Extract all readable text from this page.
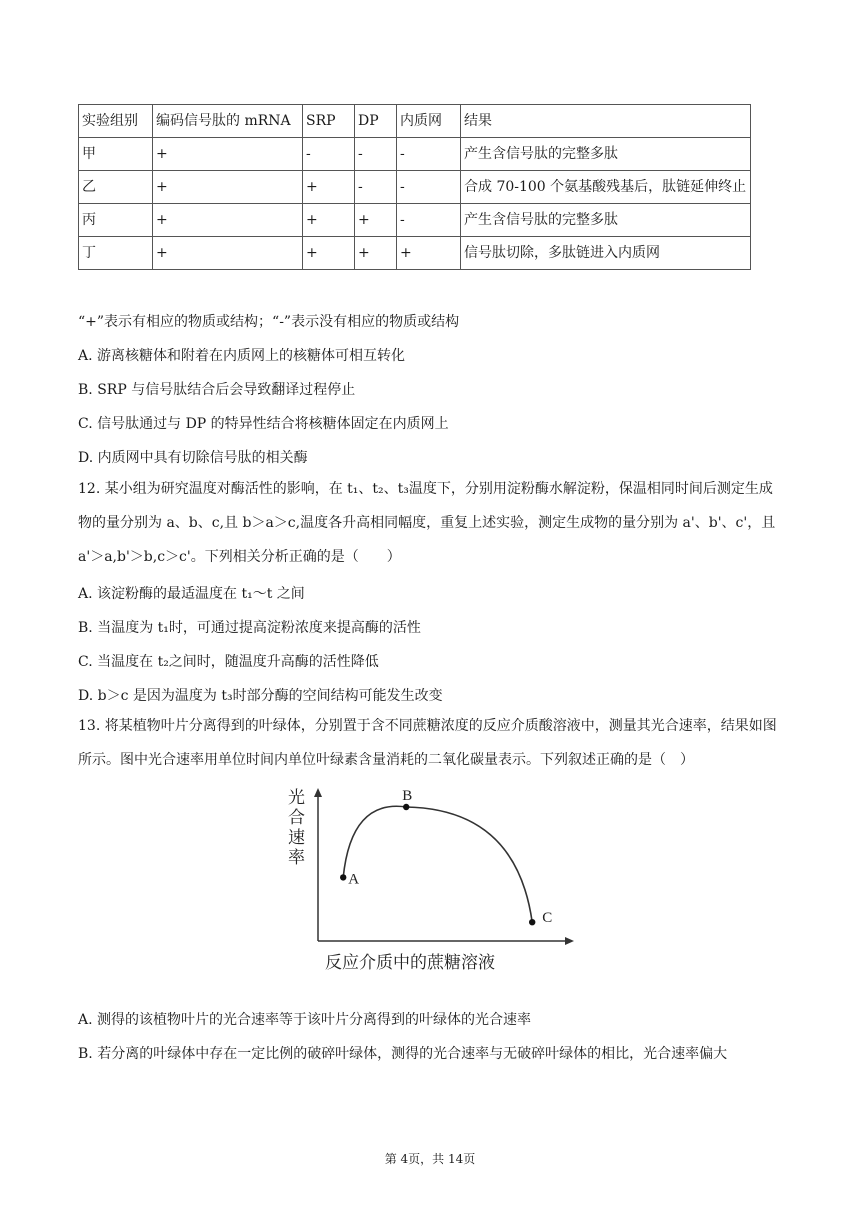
实验组别	编码信号肽的 mRNA	SRP	DP	内质网	结果
甲	+	-	-	-	产生含信号肽的完整多肽
乙	+	+	-	-	合成 70-100 个氨基酸残基后，肽链延伸终止
丙	+	+	+	-	产生含信号肽的完整多肽
丁	+	+	+	+	信号肽切除，多肽链进入内质网
“+”表示有相应的物质或结构；“-”表示没有相应的物质或结构
A. 游离核糖体和附着在内质网上的核糖体可相互转化
B. SRP 与信号肽结合后会导致翻译过程停止
C. 信号肽通过与 DP 的特异性结合将核糖体固定在内质网上
D. 内质网中具有切除信号肽的相关酶
12. 某小组为研究温度对酶活性的影响，在 t₁、t₂、t₃温度下，分别用淀粉酶水解淀粉，保温相同时间后测定生成物的量分别为 a、b、c,且 b＞a＞c,温度各升高相同幅度，重复上述实验，测定生成物的量分别为 a'、b'、c'，且 a'＞a,b'＞b,c＞c'。下列相关分析正确的是（　　）
A. 该淀粉酶的最适温度在 t₁～t 之间
B. 当温度为 t₁时，可通过提高淀粉浓度来提高酶的活性
C. 当温度在 t₂之间时，随温度升高酶的活性降低
D. b＞c 是因为温度为 t₃时部分酶的空间结构可能发生改变
13. 将某植物叶片分离得到的叶绿体，分别置于含不同蔗糖浓度的反应介质酸溶液中，测量其光合速率，结果如图所示。图中光合速率用单位时间内单位叶绿素含量消耗的二氧化碳量表示。下列叙述正确的是（　）
光合速率
反应介质中的蔗糖溶液
A
B
C
A. 测得的该植物叶片的光合速率等于该叶片分离得到的叶绿体的光合速率
B. 若分离的叶绿体中存在一定比例的破碎叶绿体，测得的光合速率与无破碎叶绿体的相比，光合速率偏大
第 4页，共 14页
